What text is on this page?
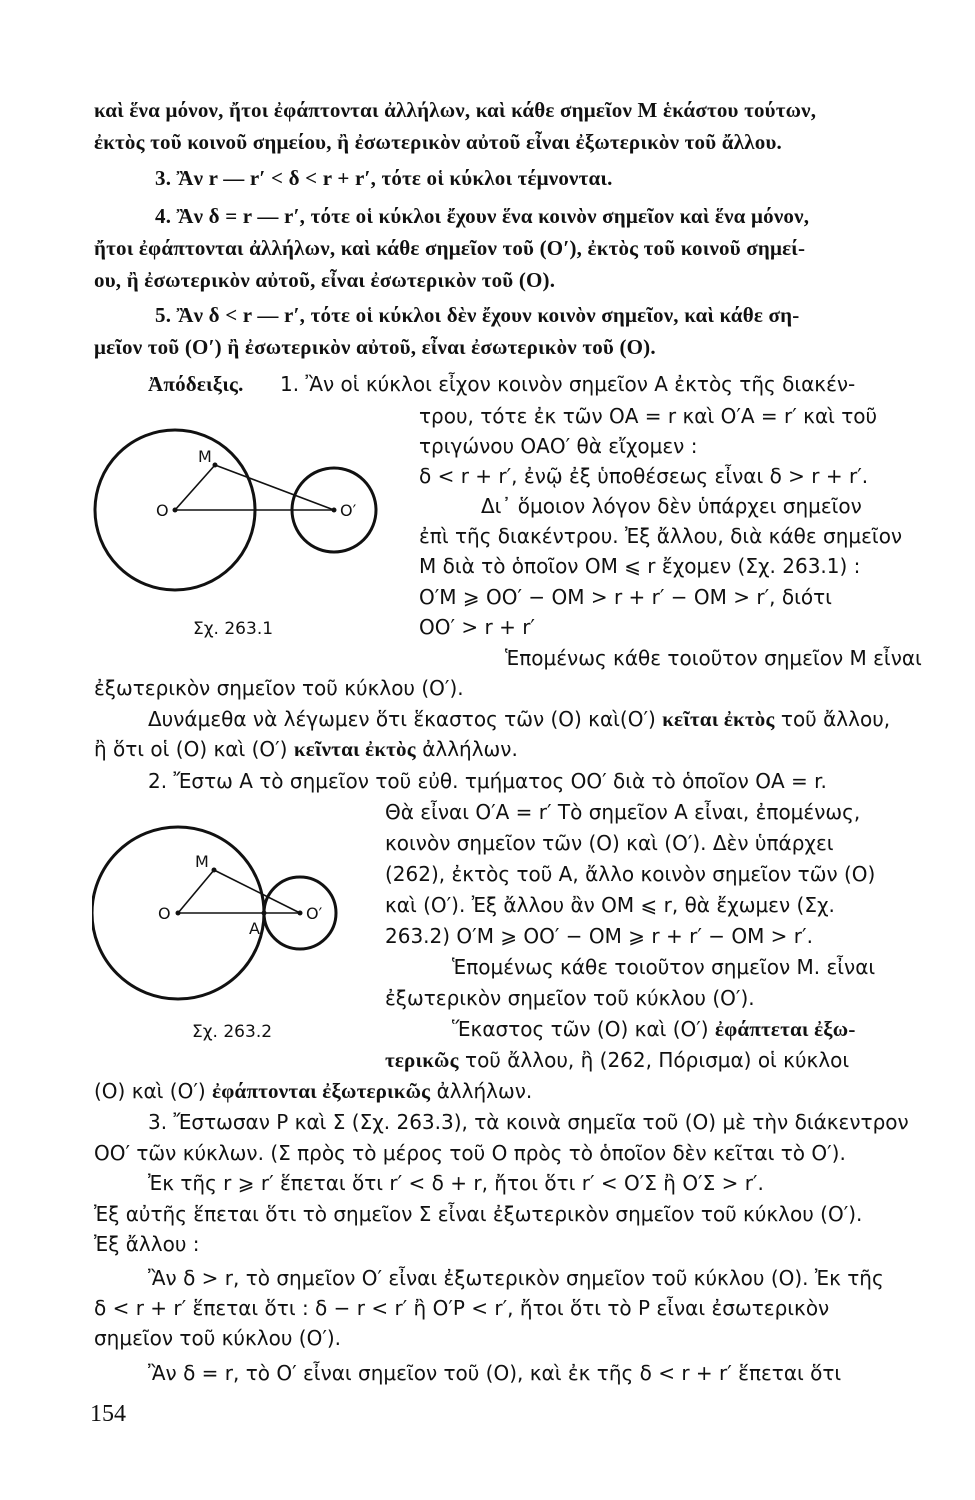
καὶ ἕνα μόνον, ἤτοι ἐφάπτονται ἀλλήλων, καὶ κάθε σημεῖον Μ ἑκάστου τούτων,
ἐκτὸς τοῦ κοινοῦ σημείου, ἢ ἐσωτερικὸν αὐτοῦ εἶναι ἐξωτερικὸν τοῦ ἄλλου.
3. Ἂν r — r′ < δ < r + r′, τότε οἱ κύκλοι τέμνονται.
4. Ἂν δ = r — r′, τότε οἱ κύκλοι ἔχουν ἕνα κοινὸν σημεῖον καὶ ἕνα μόνον,
ἤτοι ἐφάπτονται ἀλλήλων, καὶ κάθε σημεῖον τοῦ (Ο′), ἐκτὸς τοῦ κοινοῦ σημεί-
ου, ἢ ἐσωτερικὸν αὐτοῦ, εἶναι ἐσωτερικὸν τοῦ (Ο).
5. Ἂν δ < r — r′, τότε οἱ κύκλοι δὲν ἔχουν κοινὸν σημεῖον, καὶ κάθε ση-
μεῖον τοῦ (Ο′) ἢ ἐσωτερικὸν αὐτοῦ, εἶναι ἐσωτερικὸν τοῦ (Ο).
Ἀπόδειξις. 1. Ἂν οἱ κύκλοι εἶχον κοινὸν σημεῖον Α ἐκτὸς τῆς διακέν-
τρου, τότε ἐκ τῶν ΟΑ = r καὶ Ο′Α = r′ καὶ τοῦ
τριγώνου ΟΑΟ′ θὰ εἴχομεν :
δ < r + r′, ἐνῷ ἐξ ὑποθέσεως εἶναι δ > r + r′.
Δι᾽ ὅμοιον λόγον δὲν ὑπάρχει σημεῖον
ἐπὶ τῆς διακέντρου. Ἐξ ἄλλου, διὰ κάθε σημεῖον
Μ διὰ τὸ ὁποῖον ΟΜ ⩽ r ἔχομεν (Σχ. 263.1) :
Ο′Μ ⩾ ΟΟ′ − ΟΜ > r + r′ − ΟΜ > r′, διότι
ΟΟ′ > r + r′
Μ
Ο	Ο′
Σχ. 263.1
Ἑπομένως κάθε τοιοῦτον σημεῖον Μ εἶναι
ἐξωτερικὸν σημεῖον τοῦ κύκλου (Ο′).
Δυνάμεθα νὰ λέγωμεν ὅτι ἕκαστος τῶν (Ο) καὶ(Ο′) κεῖται ἐκτὸς τοῦ ἄλλου,
ἢ ὅτι οἱ (Ο) καὶ (Ο′) κεῖνται ἐκτὸς ἀλλήλων.
2. Ἔστω Α τὸ σημεῖον τοῦ εὐθ. τμήματος ΟΟ′ διὰ τὸ ὁποῖον ΟΑ = r.
Θὰ εἶναι Ο′Α = r′ Τὸ σημεῖον Α εἶναι, ἐπομένως,
κοινὸν σημεῖον τῶν (Ο) καὶ (Ο′). Δὲν ὑπάρχει
(262), ἐκτὸς τοῦ Α, ἄλλο κοινὸν σημεῖον τῶν (Ο)
καὶ (Ο′). Ἐξ ἄλλου ἂν ΟΜ ⩽ r, θὰ ἔχωμεν (Σχ.
263.2) Ο′Μ ⩾ ΟΟ′ − ΟΜ ⩾ r + r′ − ΟΜ > r′.
Ἑπομένως κάθε τοιοῦτον σημεῖον Μ. εἶναι
ἐξωτερικὸν σημεῖον τοῦ κύκλου (Ο′).
Μ
Ο
Α
Ο′
Σχ. 263.2	Ἕκαστος τῶν (Ο) καὶ (Ο′) ἐφάπτεται ἐξω-
τερικῶς τοῦ ἄλλου, ἢ (262, Πόρισμα) οἱ κύκλοι
(Ο) καὶ (Ο′) ἐφάπτονται ἐξωτερικῶς ἀλλήλων.
3. Ἔστωσαν Ρ καὶ Σ (Σχ. 263.3), τὰ κοινὰ σημεῖα τοῦ (Ο) μὲ τὴν διάκεντρον
ΟΟ′ τῶν κύκλων. (Σ πρὸς τὸ μέρος τοῦ Ο πρὸς τὸ ὁποῖον δὲν κεῖται τὸ Ο′).
Ἐκ τῆς r ⩾ r′ ἕπεται ὅτι r′ < δ + r, ἤτοι ὅτι r′ < Ο′Σ ἢ Ο′Σ > r′.
Ἐξ αὐτῆς ἕπεται ὅτι τὸ σημεῖον Σ εἶναι ἐξωτερικὸν σημεῖον τοῦ κύκλου (Ο′).
Ἐξ ἄλλου :
Ἂν δ > r, τὸ σημεῖον Ο′ εἶναι ἐξωτερικὸν σημεῖον τοῦ κύκλου (Ο). Ἐκ τῆς
δ < r + r′ ἕπεται ὅτι : δ − r < r′ ἢ Ο′Ρ < r′, ἤτοι ὅτι τὸ Ρ εἶναι ἐσωτερικὸν
σημεῖον τοῦ κύκλου (Ο′).
Ἂν δ = r, τὸ Ο′ εἶναι σημεῖον τοῦ (Ο), καὶ ἐκ τῆς δ < r + r′ ἕπεται ὅτι
154
